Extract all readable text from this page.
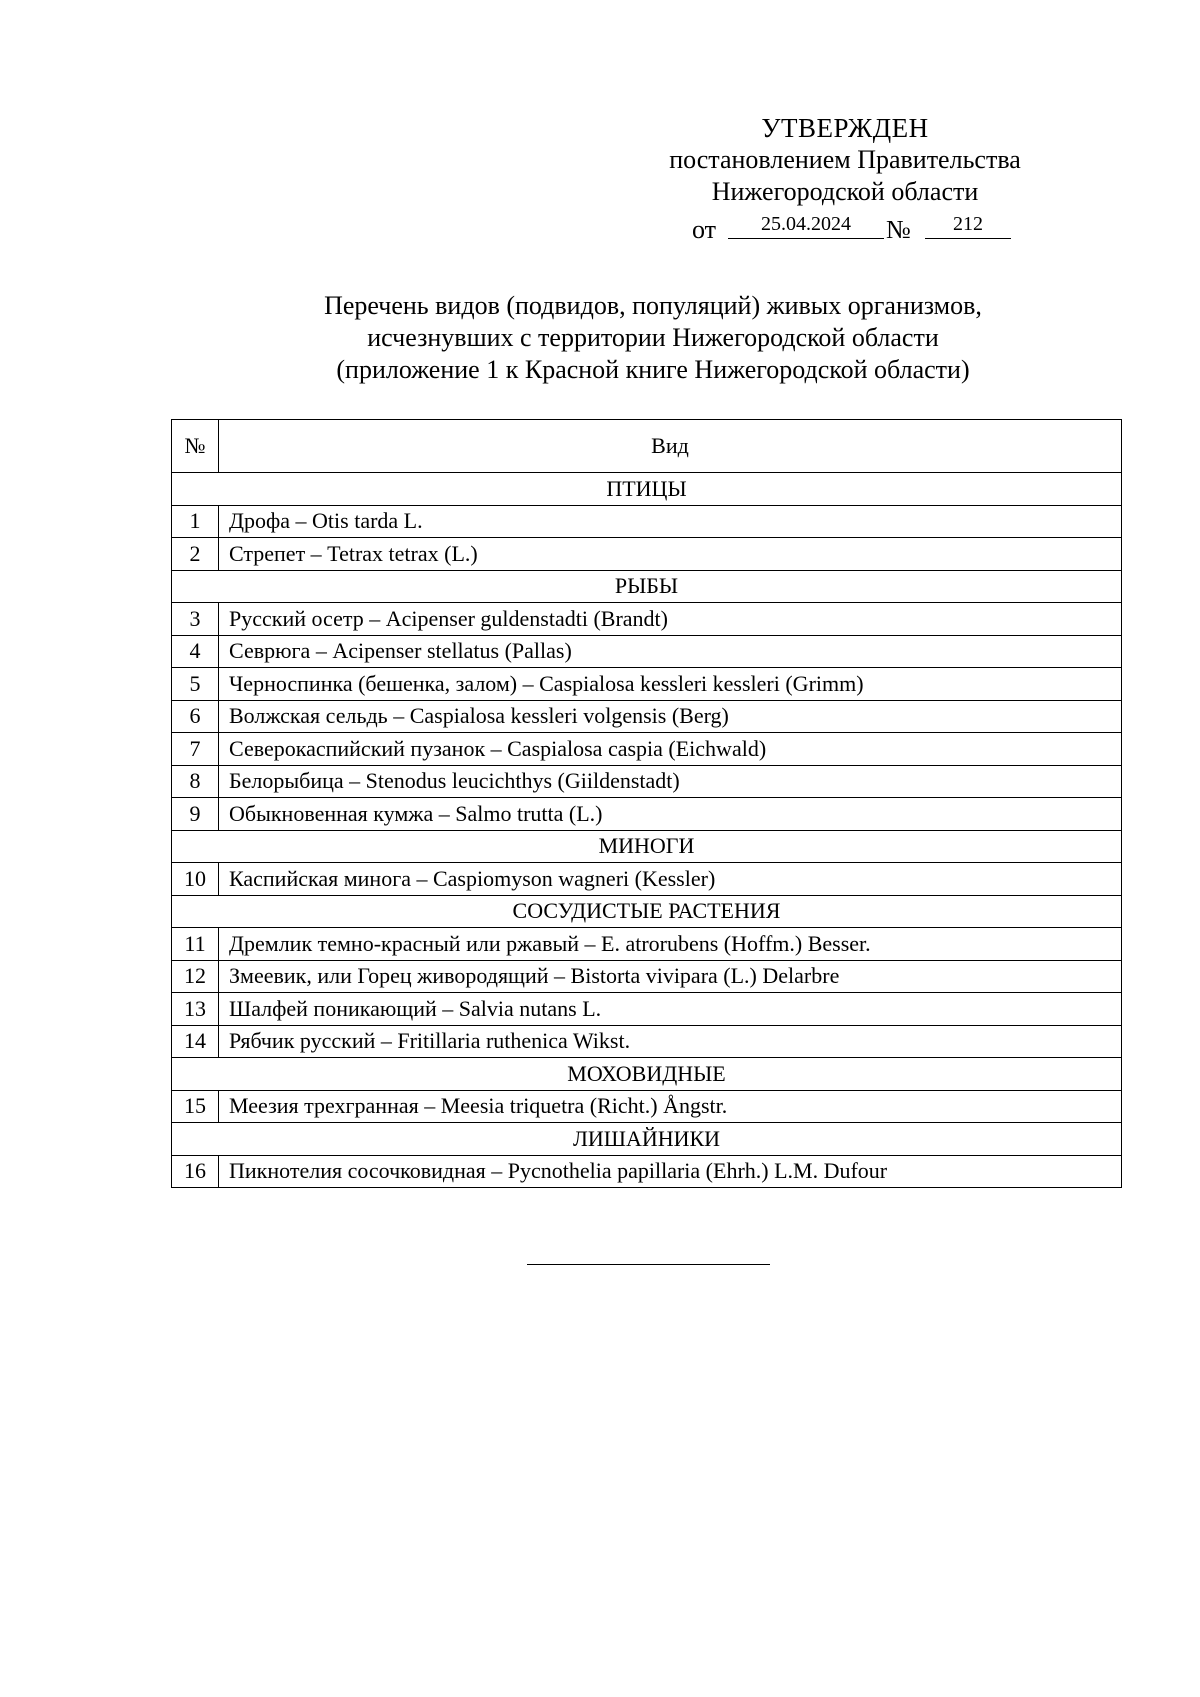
УТВЕРЖДЕН
постановлением Правительства
Нижегородской области
от	25.04.2024	№	212
Перечень видов (подвидов, популяций) живых организмов,
исчезнувших с территории Нижегородской области
(приложение 1 к Красной книге Нижегородской области)
№	Вид
ПТИЦЫ	
1	Дрофа – Otis tarda L.
2	Стрепет – Tetrax tetrax (L.)
РЫБЫ	
3	Русский осетр – Acipenser guldenstadti (Brandt)
4	Севрюга – Acipenser stellatus (Pallas)
5	Черноспинка (бешенка, залом) – Caspialosa kessleri kessleri (Grimm)
6	Волжская сельдь – Caspialosa kessleri volgensis (Berg)
7	Северокаспийский пузанок – Caspialosa caspia (Eichwald)
8	Белорыбица – Stenodus leucichthys (Giildenstadt)
9	Обыкновенная кумжа – Salmo trutta (L.)
МИНОГИ	
10	Каспийская минога – Caspiomyson wagneri (Kessler)
СОСУДИСТЫЕ РАСТЕНИЯ	
11	Дремлик темно-красный или ржавый – E. atrorubens (Hoffm.) Besser.
12	Змеевик, или Горец живородящий – Bistorta vivipara (L.) Delarbre
13	Шалфей поникающий – Salvia nutans L.
14	Рябчик русский – Fritillaria ruthenica Wikst.
МОХОВИДНЫЕ	
15	Меезия трехгранная – Meesia triquetra (Richt.) Ångstr.
ЛИШАЙНИКИ	
16	Пикнотелия сосочковидная – Pycnothelia papillaria (Ehrh.) L.M. Dufour
